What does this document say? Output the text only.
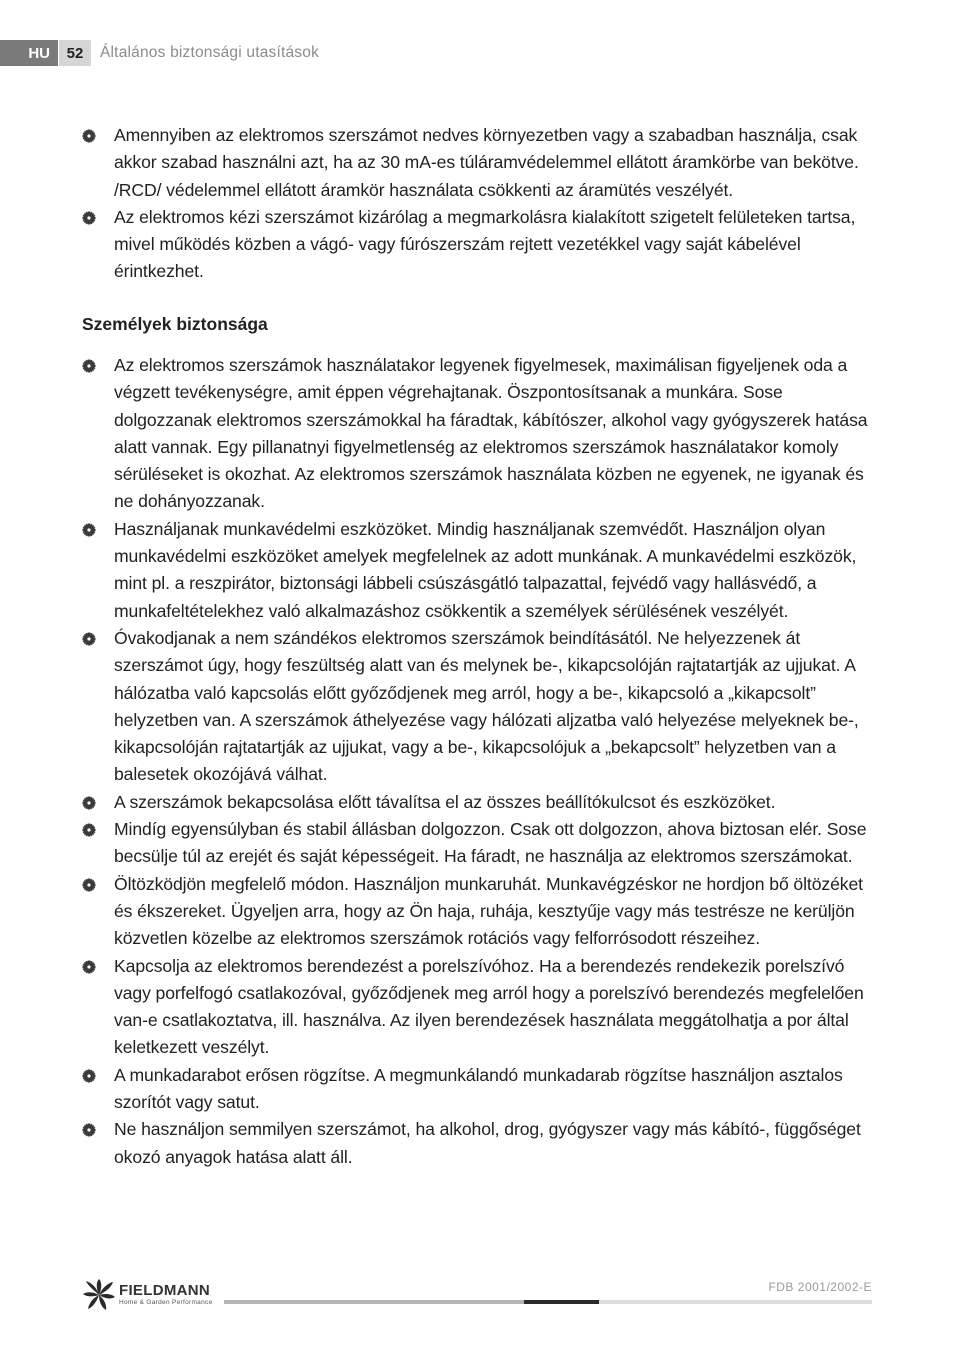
HU	52	Általános biztonsági utasítások
Amennyiben az elektromos szerszámot nedves környezetben vagy a szabadban használja, csak akkor szabad használni azt, ha az 30 mA-es túláramvédelemmel ellátott áramkörbe van bekötve. /RCD/ védelemmel ellátott áramkör használata csökkenti az áramütés veszélyét.
Az elektromos kézi szerszámot kizárólag a megmarkolásra kialakított szigetelt felületeken tartsa, mivel működés közben a vágó- vagy fúrószerszám rejtett vezetékkel vagy saját kábelével érintkezhet.
Személyek biztonsága
Az elektromos szerszámok használatakor legyenek figyelmesek, maximálisan figyeljenek oda a végzett tevékenységre, amit éppen végrehajtanak. Öszpontosítsanak a munkára. Sose dolgozzanak elektromos szerszámokkal ha fáradtak, kábítószer, alkohol vagy gyógyszerek hatása alatt vannak. Egy pillanatnyi figyelmetlenség az elektromos szerszámok használatakor komoly sérüléseket is okozhat. Az elektromos szerszámok használata közben ne egyenek, ne igyanak és ne dohányozzanak.
Használjanak munkavédelmi eszközöket. Mindig használjanak szemvédőt. Használjon olyan munkavédelmi eszközöket amelyek megfelelnek az adott munkának. A munkavédelmi eszközök, mint pl. a reszpirátor, biztonsági lábbeli csúszásgátló talpazattal, fejvédő vagy hallásvédő, a munkafeltételekhez való alkalmazáshoz csökkentik a személyek sérülésének veszélyét.
Óvakodjanak a nem szándékos elektromos szerszámok beindításától. Ne helyezzenek át szerszámot úgy, hogy feszültség alatt van és melynek be-, kikapcsolóján rajtatartják az ujjukat. A hálózatba való kapcsolás előtt győződjenek meg arról, hogy a be-, kikapcsoló a „kikapcsolt” helyzetben van. A szerszámok áthelyezése vagy hálózati aljzatba való helyezése melyeknek be-, kikapcsolóján rajtatartják az ujjukat, vagy a be-, kikapcsolójuk a „bekapcsolt” helyzetben van a balesetek okozójává válhat.
A szerszámok bekapcsolása előtt távalítsa el az összes beállítókulcsot és eszközöket.
Mindíg egyensúlyban és stabil állásban dolgozzon. Csak ott dolgozzon, ahova biztosan elér. Sose becsülje túl az erejét és saját képességeit. Ha fáradt, ne használja az elektromos szerszámokat.
Öltözködjön megfelelő módon. Használjon munkaruhát. Munkavégzéskor ne hordjon bő öltözéket és ékszereket. Ügyeljen arra, hogy az Ön haja, ruhája, kesztyűje vagy más testrésze ne kerüljön közvetlen közelbe az elektromos szerszámok rotációs vagy felforrósodott részeihez.
Kapcsolja az elektromos berendezést a porelszívóhoz. Ha a berendezés rendekezik porelszívó vagy porfelfogó csatlakozóval, győződjenek meg arról hogy a porelszívó berendezés megfelelően van-e csatlakoztatva, ill. használva. Az ilyen berendezések használata meggátolhatja a por által keletkezett veszélyt.
A munkadarabot erősen rögzítse. A megmunkálandó munkadarab rögzítse használjon asztalos szorítót vagy satut.
Ne használjon semmilyen szerszámot, ha alkohol, drog, gyógyszer vagy más kábító-, függőséget okozó anyagok hatása alatt áll.
FIELDMANN
Home & Garden Performance
FDB 2001/2002-E
